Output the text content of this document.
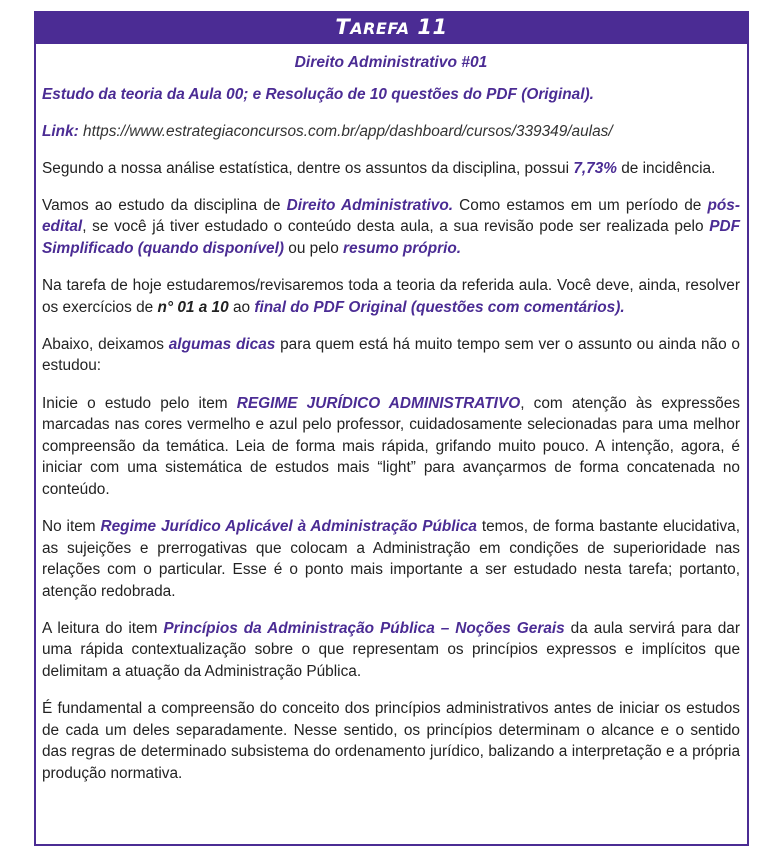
TAREFA 11
Direito Administrativo #01

Estudo da teoria da Aula 00; e Resolução de 10 questões do PDF (Original).

Link: https://www.estrategiaconcursos.com.br/app/dashboard/cursos/339349/aulas/

Segundo a nossa análise estatística, dentre os assuntos da disciplina, possui 7,73% de incidência.

Vamos ao estudo da disciplina de Direito Administrativo. Como estamos em um período de pós-edital, se você já tiver estudado o conteúdo desta aula, a sua revisão pode ser realizada pelo PDF Simplificado (quando disponível) ou pelo resumo próprio.

Na tarefa de hoje estudaremos/revisaremos toda a teoria da referida aula. Você deve, ainda, resolver os exercícios de n° 01 a 10 ao final do PDF Original (questões com comentários).

Abaixo, deixamos algumas dicas para quem está há muito tempo sem ver o assunto ou ainda não o estudou:

Inicie o estudo pelo item REGIME JURÍDICO ADMINISTRATIVO, com atenção às expressões marcadas nas cores vermelho e azul pelo professor, cuidadosamente selecionadas para uma melhor compreensão da temática. Leia de forma mais rápida, grifando muito pouco. A intenção, agora, é iniciar com uma sistemática de estudos mais “light” para avançarmos de forma concatenada no conteúdo.

No item Regime Jurídico Aplicável à Administração Pública temos, de forma bastante elucidativa, as sujeições e prerrogativas que colocam a Administração em condições de superioridade nas relações com o particular. Esse é o ponto mais importante a ser estudado nesta tarefa; portanto, atenção redobrada.

A leitura do item Princípios da Administração Pública – Noções Gerais da aula servirá para dar uma rápida contextualização sobre o que representam os princípios expressos e implícitos que delimitam a atuação da Administração Pública.

É fundamental a compreensão do conceito dos princípios administrativos antes de iniciar os estudos de cada um deles separadamente. Nesse sentido, os princípios determinam o alcance e o sentido das regras de determinado subsistema do ordenamento jurídico, balizando a interpretação e a própria produção normativa.
